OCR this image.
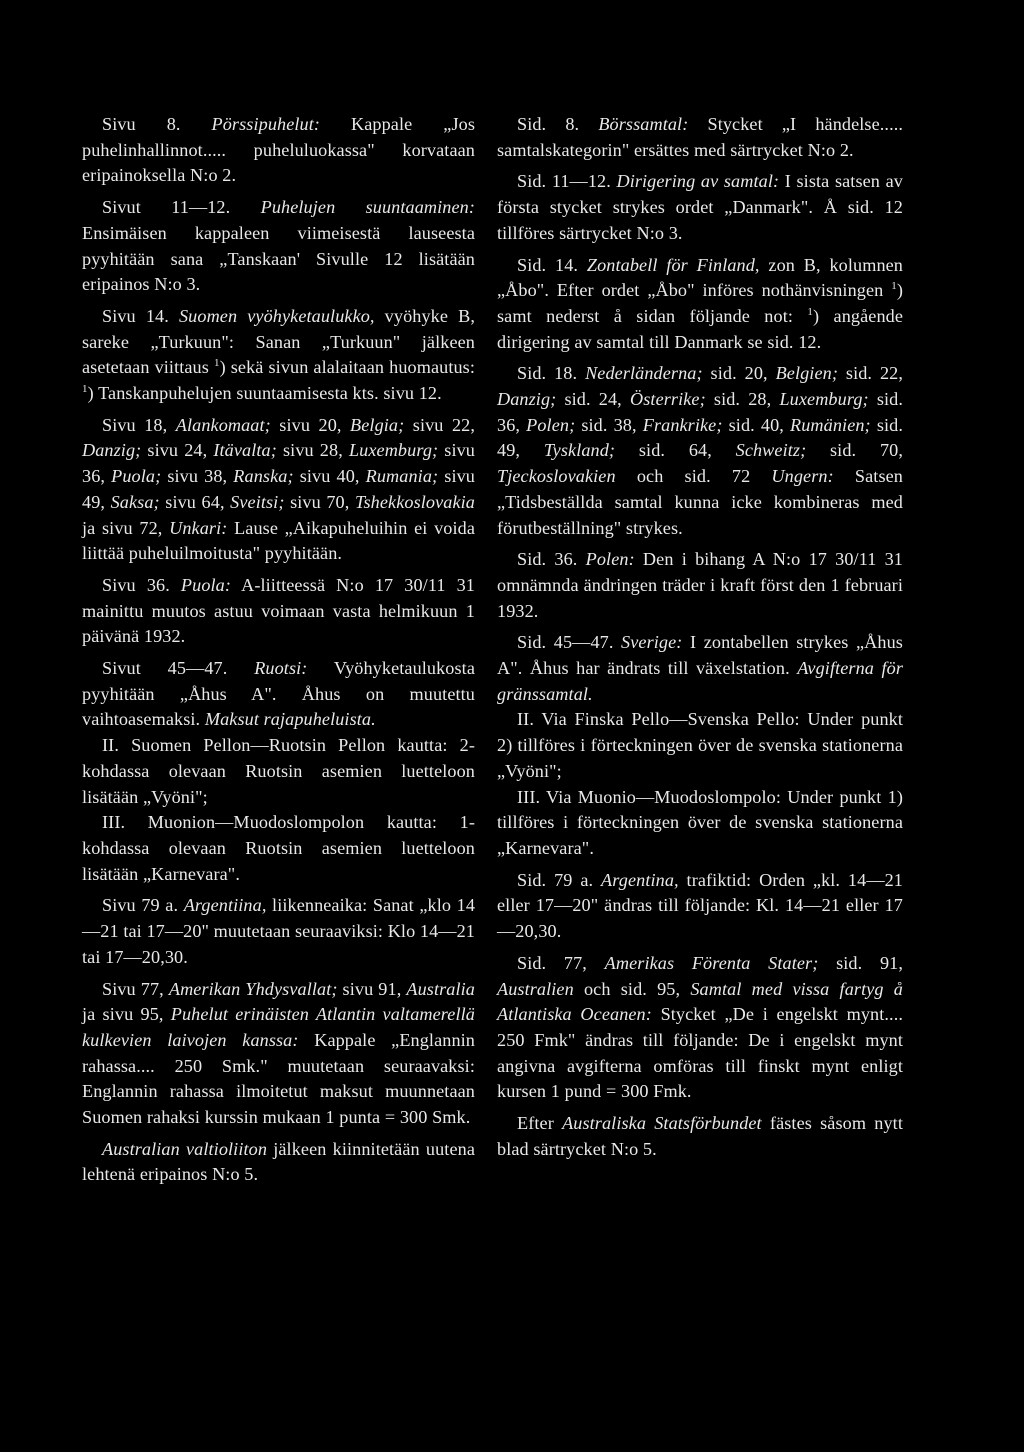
Sivu 8. Pörssipuhelut: Kappale „Jos puhelinhallinnot..... puheluluokassa" korvataan eripainoksella N:o 2.

Sivut 11—12. Puhelujen suuntaaminen: Ensimäisen kappaleen viimeisestä lauseesta pyyhitään sana „Tanskaan' Sivulle 12 lisätään eripainos N:o 3.

Sivu 14. Suomen vyöhyketaulukko, vyöhyke B, sareke „Turkuun": Sanan „Turkuun" jälkeen asetetaan viittaus $^1$) sekä sivun alalaitaan huomautus: $^1$) Tanskanpuhelujen suuntaamisesta kts. sivu 12.

Sivu 18, Alankomaat; sivu 20, Belgia; sivu 22, Danzig; sivu 24, Itävalta; sivu 28, Luxemburg; sivu 36, Puola; sivu 38, Ranska; sivu 40, Rumania; sivu 49, Saksa; sivu 64, Sveitsi; sivu 70, Tshekkoslovakia ja sivu 72, Unkari: Lause „Aikapuheluihin ei voida liittää puheluilmoitusta" pyyhitään.

Sivu 36. Puola: A-liitteessä N:o 17 30/11 31 mainittu muutos astuu voimaan vasta helmikuun 1 päivänä 1932.

Sivut 45—47. Ruotsi: Vyöhyketaulukosta pyyhitään „Åhus A". Åhus on muutettu vaihtoasemaksi. Maksut rajapuheluista.

II. Suomen Pellon—Ruotsin Pellon kautta: 2-kohdassa olevaan Ruotsin asemien luetteloon lisätään „Vyöni";

III. Muonion—Muodoslompolon kautta: 1-kohdassa olevaan Ruotsin asemien luetteloon lisätään „Karnevara".

Sivu 79 a. Argentiina, liikenneaika: Sanat „klo 14—21 tai 17—20" muutetaan seuraaviksi: Klo 14—21 tai 17—20,30.

Sivu 77, Amerikan Yhdysvallat; sivu 91, Australia ja sivu 95, Puhelut erinäisten Atlantin valtamerellä kulkevien laivojen kanssa: Kappale „Englannin rahassa.... 250 Smk." muutetaan seuraavaksi: Englannin rahassa ilmoitetut maksut muunnetaan Suomen rahaksi kurssin mukaan 1 punta = 300 Smk.

Australian valtioliiton jälkeen kiinnitetään uutena lehtenä eripainos N:o 5.

Sid. 8. Börssamtal: Stycket „I händelse..... samtalskategorin" ersättes med särtrycket N:o 2.

Sid. 11—12. Dirigering av samtal: I sista satsen av första stycket strykes ordet „Danmark". Å sid. 12 tillföres särtrycket N:o 3.

Sid. 14. Zontabell för Finland, zon B, kolumnen „Åbo". Efter ordet „Åbo" införes nothänvisningen $^1$) samt nederst å sidan följande not: $^1$) angående dirigering av samtal till Danmark se sid. 12.

Sid. 18. Nederländerna; sid. 20, Belgien; sid. 22, Danzig; sid. 24, Österrike; sid. 28, Luxemburg; sid. 36, Polen; sid. 38, Frankrike; sid. 40, Rumänien; sid. 49, Tyskland; sid. 64, Schweitz; sid. 70, Tjeckoslovakien och sid. 72 Ungern: Satsen „Tidsbeställda samtal kunna icke kombineras med förutbeställning" strykes.

Sid. 36. Polen: Den i bihang A N:o 17 30/11 31 omnämnda ändringen träder i kraft först den 1 februari 1932.

Sid. 45—47. Sverige: I zontabellen strykes „Åhus A". Åhus har ändrats till växelstation. Avgifterna för gränssamtal.

II. Via Finska Pello—Svenska Pello: Under punkt 2) tillföres i förteckningen över de svenska stationerna „Vyöni";

III. Via Muonio—Muodoslompolo: Under punkt 1) tillföres i förteckningen över de svenska stationerna „Karnevara".

Sid. 79 a. Argentina, trafiktid: Orden „kl. 14—21 eller 17—20" ändras till följande: Kl. 14—21 eller 17—20,30.

Sid. 77, Amerikas Förenta Stater; sid. 91, Australien och sid. 95, Samtal med vissa fartyg å Atlantiska Oceanen: Stycket „De i engelskt mynt.... 250 Fmk" ändras till följande: De i engelskt mynt angivna avgifterna omföras till finskt mynt enligt kursen 1 pund = 300 Fmk.

Efter Australiska Statsförbundet fästes såsom nytt blad särtrycket N:o 5.
